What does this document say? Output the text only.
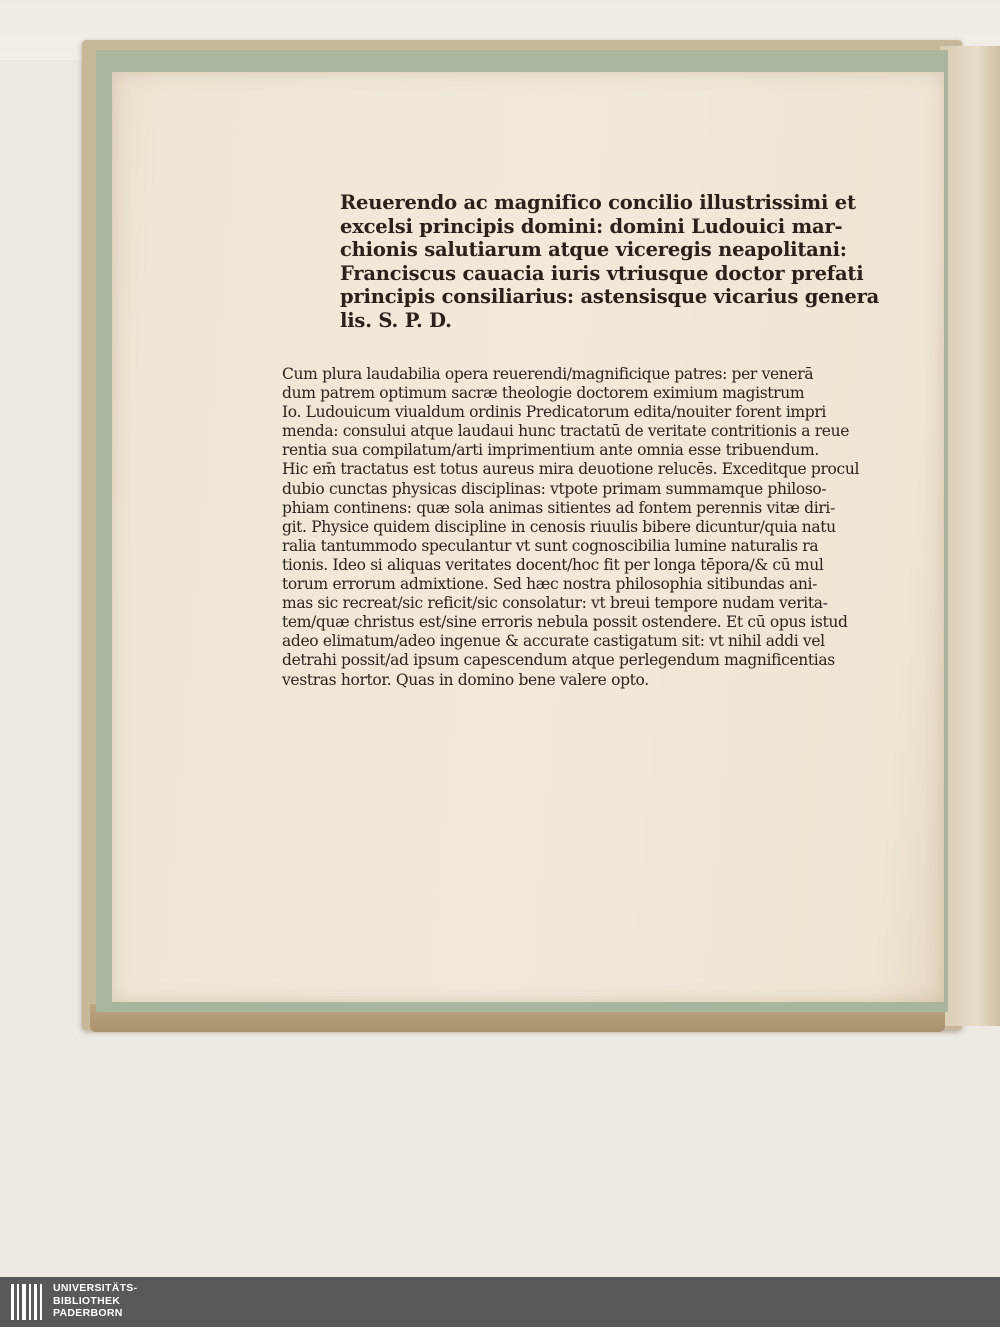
Reuerendo ac magnifico concilio illustrissimi et
excelsi principis domini: domini Ludouici mar-
chionis salutiarum atque viceregis neapolitani:
Franciscus cauacia iuris vtriusque doctor prefati
principis consiliarius: astensisque vicarius genera
lis. S. P. D.
Cum plura laudabilia opera reuerendi/magnificique patres: per venerā
dum patrem optimum sacræ theologie doctorem eximium magistrum
Io. Ludouicum viualdum ordinis Predicatorum edita/nouiter forent impri
menda: consului atque laudaui hunc tractatū de veritate contritionis a reue
rentia sua compilatum/arti imprimentium ante omnia esse tribuendum.
Hic em̄ tractatus est totus aureus mira deuotione relucēs. Exceditque procul
dubio cunctas physicas disciplinas: vtpote primam summamque philoso-
phiam continens: quæ sola animas sitientes ad fontem perennis vitæ diri-
git. Physice quidem discipline in cenosis riuulis bibere dicuntur/quia natu
ralia tantummodo speculantur vt sunt cognoscibilia lumine naturalis ra
tionis. Ideo si aliquas veritates docent/hoc fit per longa tēpora/& cū mul
torum errorum admixtione. Sed hæc nostra philosophia sitibundas ani-
mas sic recreat/sic reficit/sic consolatur: vt breui tempore nudam verita-
tem/quæ christus est/sine erroris nebula possit ostendere. Et cū opus istud
adeo elimatum/adeo ingenue & accurate castigatum sit: vt nihil addi vel
detrahi possit/ad ipsum capescendum atque perlegendum magnificentias
vestras hortor. Quas in domino bene valere opto.
UNIVERSITÄTS-
BIBLIOTHEK
PADERBORN
